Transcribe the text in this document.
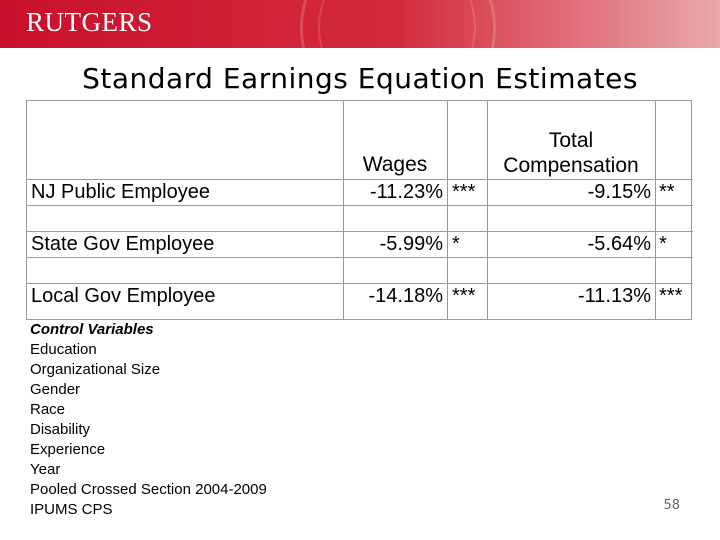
RUTGERS
Standard Earnings Equation Estimates
Wages
Total
Compensation
NJ Public Employee	-11.23% ***	-9.15% **
State Gov Employee	-5.99% *	-5.64% *
Local Gov Employee	-14.18% ***	-11.13% ***
Control Variables
Education
Organizational Size
Gender
Race
Disability
Experience
Year
Pooled Crossed Section 2004-2009
IPUMS CPS	58
